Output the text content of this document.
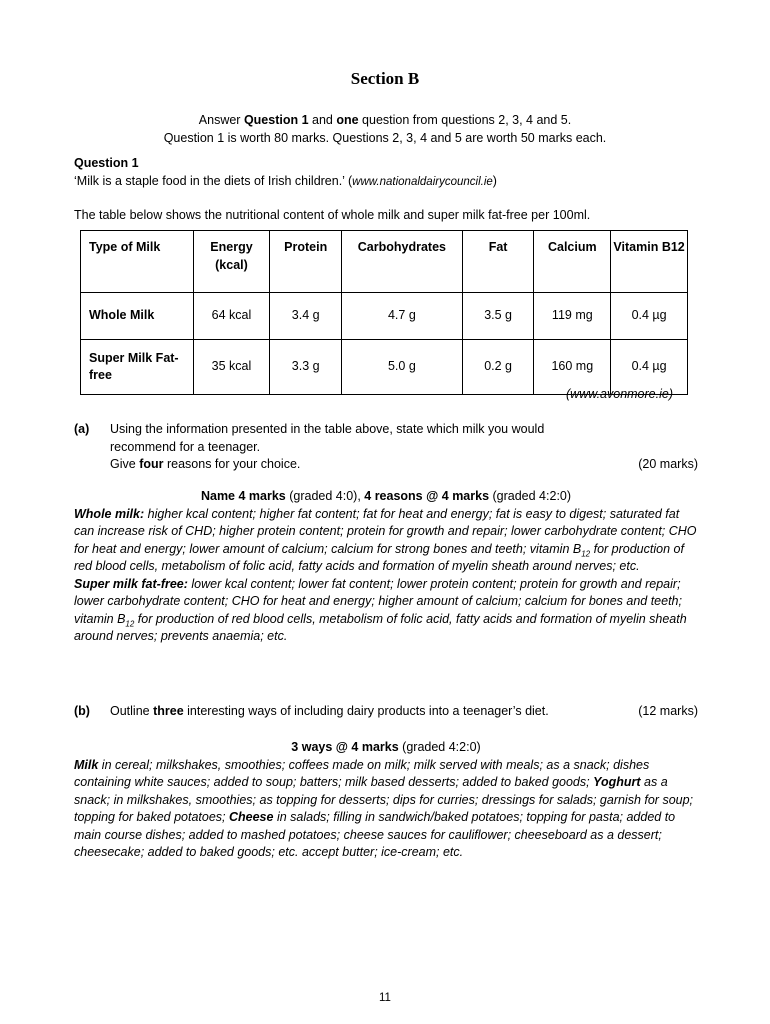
Section B
Answer Question 1 and one question from questions 2, 3, 4 and 5.
Question 1 is worth 80 marks. Questions 2, 3, 4 and 5 are worth 50 marks each.
Question 1
‘Milk is a staple food in the diets of Irish children.’ (www.nationaldairycouncil.ie)
The table below shows the nutritional content of whole milk and super milk fat-free per 100ml.
Type of Milk	Energy (kcal)	Protein	Carbohydrates	Fat	Calcium	Vitamin B12
Whole Milk	64 kcal	3.4 g	4.7 g	3.5 g	119 mg	0.4 µg
Super Milk Fat-free	35 kcal	3.3 g	5.0 g	0.2 g	160 mg	0.4 µg
(www.avonmore.ie)
(a) Using the information presented in the table above, state which milk you would
recommend for a teenager.
Give four reasons for your choice.	(20 marks)
Name 4 marks (graded 4:0), 4 reasons @ 4 marks (graded 4:2:0)
Whole milk: higher kcal content; higher fat content; fat for heat and energy; fat is easy to digest; saturated fat can increase risk of CHD; higher protein content; protein for growth and repair; lower carbohydrate content; CHO for heat and energy; lower amount of calcium; calcium for strong bones and teeth; vitamin $B_{12}$ for production of red blood cells, metabolism of folic acid, fatty acids and formation of myelin sheath around nerves; etc.
Super milk fat-free: lower kcal content; lower fat content; lower protein content; protein for growth and repair; lower carbohydrate content; CHO for heat and energy; higher amount of calcium; calcium for bones and teeth; vitamin $B_{12}$ for production of red blood cells, metabolism of folic acid, fatty acids and formation of myelin sheath around nerves; prevents anaemia; etc.
(b) Outline three interesting ways of including dairy products into a teenager’s diet.	(12 marks)
3 ways @ 4 marks (graded 4:2:0)
Milk in cereal; milkshakes, smoothies; coffees made on milk; milk served with meals; as a snack; dishes containing white sauces; added to soup; batters; milk based desserts; added to baked goods; Yoghurt as a snack; in milkshakes, smoothies; as topping for desserts; dips for curries; dressings for salads; garnish for soup; topping for baked potatoes; Cheese in salads; filling in sandwich/baked potatoes; topping for pasta; added to main course dishes; added to mashed potatoes; cheese sauces for cauliflower; cheeseboard as a dessert; cheesecake; added to baked goods; etc. accept butter; ice-cream; etc.
11
